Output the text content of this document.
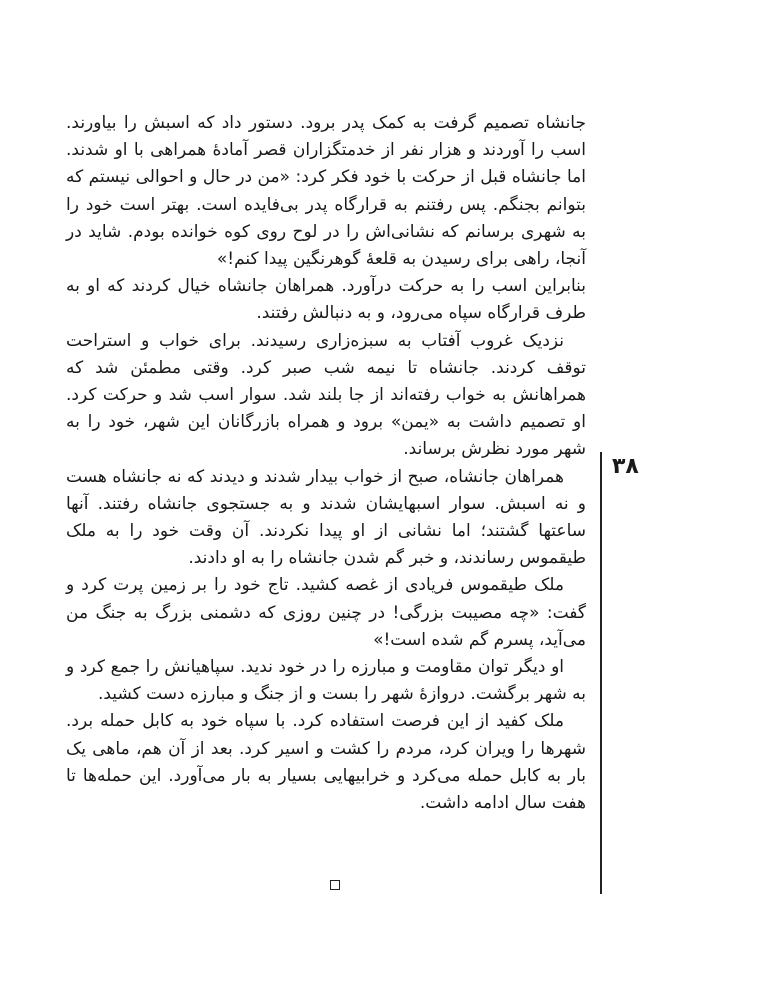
جانشاه تصمیم گرفت به کمک پدر برود. دستور داد که اسبش را بیاورند. اسب را آوردند و هزار نفر از خدمتگزاران قصر آمادهٔ همراهی با او شدند. اما جانشاه قبل از حرکت با خود فکر کرد: «من در حال و احوالی نیستم که بتوانم بجنگم. پس رفتنم به قرارگاه پدر بی‌فایده است. بهتر است خود را به شهری برسانم که نشانی‌اش را در لوح روی کوه خوانده بودم. شاید در آنجا، راهی برای رسیدن به قلعهٔ گوهرنگین پیدا کنم!»

بنابراین اسب را به حرکت درآورد. همراهان جانشاه خیال کردند که او به طرف قرارگاه سپاه می‌رود، و به دنبالش رفتند.

نزدیک غروب آفتاب به سبزه‌زاری رسیدند. برای خواب و استراحت توقف کردند. جانشاه تا نیمه شب صبر کرد. وقتی مطمئن شد که همراهانش به خواب رفته‌اند از جا بلند شد. سوار اسب شد و حرکت کرد. او تصمیم داشت به «یمن» برود و همراه بازرگانان این شهر، خود را به شهر مورد نظرش برساند.

همراهان جانشاه، صبح از خواب بیدار شدند و دیدند که نه جانشاه هست و نه اسبش. سوار اسبهایشان شدند و به جستجوی جانشاه رفتند. آنها ساعتها گشتند؛ اما نشانی از او پیدا نکردند. آن وقت خود را به ملک طیقموس رساندند، و خبر گم شدن جانشاه را به او دادند.

ملک طیقموس فریادی از غصه کشید. تاج خود را بر زمین پرت کرد و گفت: «چه مصیبت بزرگی! در چنین روزی که دشمنی بزرگ به جنگ من می‌آید، پسرم گم شده است!»

او دیگر توان مقاومت و مبارزه را در خود ندید. سپاهیانش را جمع کرد و به شهر برگشت. دروازهٔ شهر را بست و از جنگ و مبارزه دست کشید.

ملک کفید از این فرصت استفاده کرد. با سپاه خود به کابل حمله برد. شهرها را ویران کرد، مردم را کشت و اسیر کرد. بعد از آن هم، ماهی یک بار به کابل حمله می‌کرد و خرابیهایی بسیار به بار می‌آورد. این حمله‌ها تا هفت سال ادامه داشت.

۳۸
